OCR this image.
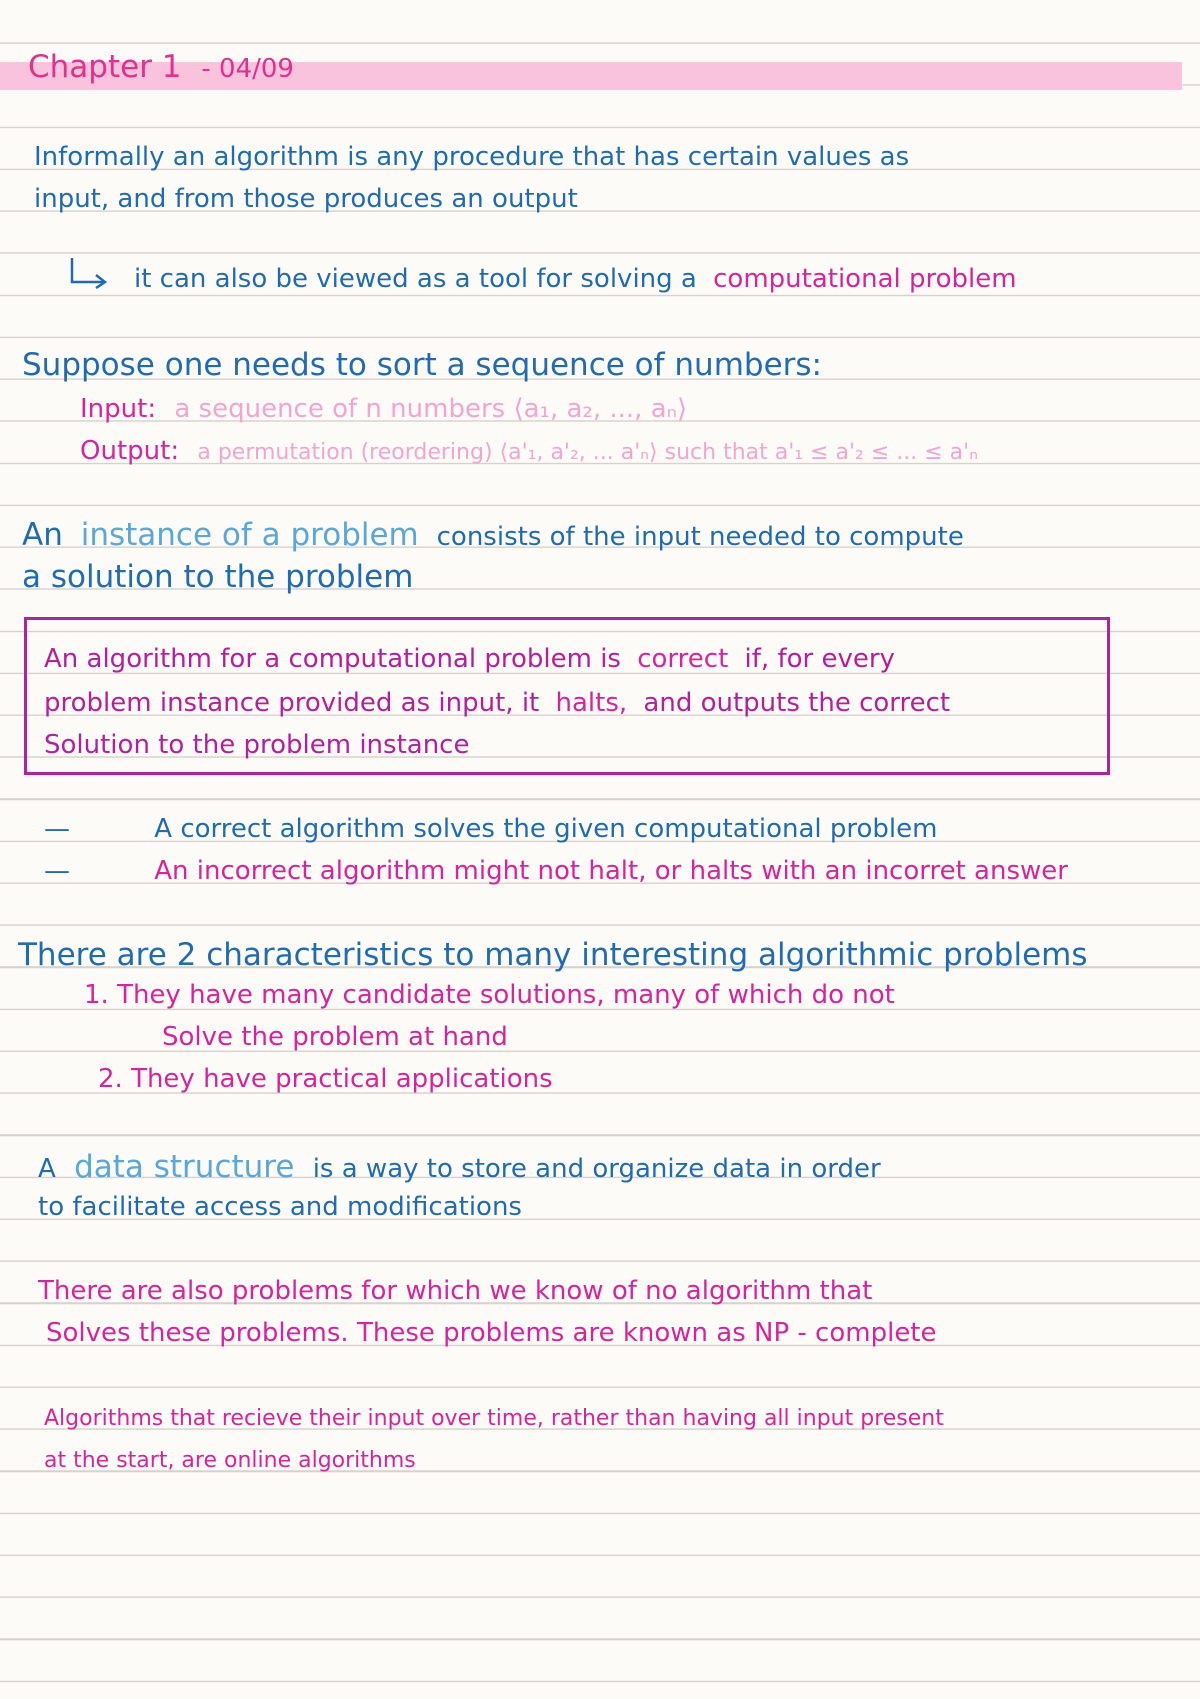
Chapter 1 - 04/09
Informally an algorithm is any procedure that has certain values as
input, and from those produces an output
it can also be viewed as a tool for solving a computational problem
Suppose one needs to sort a sequence of numbers:
Input: a sequence of n numbers ⟨a₁, a₂, ..., aₙ⟩
Output: a permutation (reordering) ⟨a'₁, a'₂, ... a'ₙ⟩ such that a'₁ ≤ a'₂ ≤ ... ≤ a'ₙ
An instance of a problem consists of the input needed to compute
a solution to the problem
An algorithm for a computational problem is correct if, for every
problem instance provided as input, it halts, and outputs the correct
Solution to the problem instance
—	A correct algorithm solves the given computational problem
—	An incorrect algorithm might not halt, or halts with an incorret answer
There are 2 characteristics to many interesting algorithmic problems
1. They have many candidate solutions, many of which do not
Solve the problem at hand
2. They have practical applications
A data structure is a way to store and organize data in order
to facilitate access and modifications
There are also problems for which we know of no algorithm that
Solves these problems. These problems are known as NP - complete
Algorithms that recieve their input over time, rather than having all input present
at the start, are online algorithms
